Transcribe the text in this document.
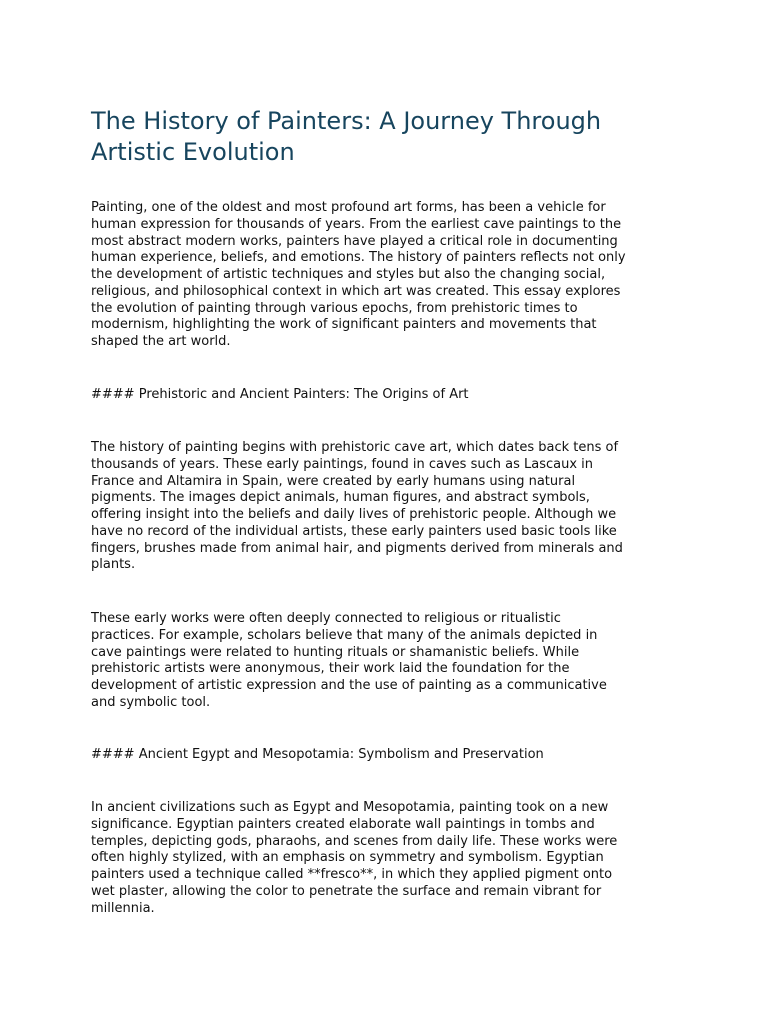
The History of Painters: A Journey Through
Artistic Evolution
Painting, one of the oldest and most profound art forms, has been a vehicle for
human expression for thousands of years. From the earliest cave paintings to the
most abstract modern works, painters have played a critical role in documenting
human experience, beliefs, and emotions. The history of painters reflects not only
the development of artistic techniques and styles but also the changing social,
religious, and philosophical context in which art was created. This essay explores
the evolution of painting through various epochs, from prehistoric times to
modernism, highlighting the work of significant painters and movements that
shaped the art world.
#### Prehistoric and Ancient Painters: The Origins of Art
The history of painting begins with prehistoric cave art, which dates back tens of
thousands of years. These early paintings, found in caves such as Lascaux in
France and Altamira in Spain, were created by early humans using natural
pigments. The images depict animals, human figures, and abstract symbols,
offering insight into the beliefs and daily lives of prehistoric people. Although we
have no record of the individual artists, these early painters used basic tools like
fingers, brushes made from animal hair, and pigments derived from minerals and
plants.
These early works were often deeply connected to religious or ritualistic
practices. For example, scholars believe that many of the animals depicted in
cave paintings were related to hunting rituals or shamanistic beliefs. While
prehistoric artists were anonymous, their work laid the foundation for the
development of artistic expression and the use of painting as a communicative
and symbolic tool.
#### Ancient Egypt and Mesopotamia: Symbolism and Preservation
In ancient civilizations such as Egypt and Mesopotamia, painting took on a new
significance. Egyptian painters created elaborate wall paintings in tombs and
temples, depicting gods, pharaohs, and scenes from daily life. These works were
often highly stylized, with an emphasis on symmetry and symbolism. Egyptian
painters used a technique called **fresco**, in which they applied pigment onto
wet plaster, allowing the color to penetrate the surface and remain vibrant for
millennia.
